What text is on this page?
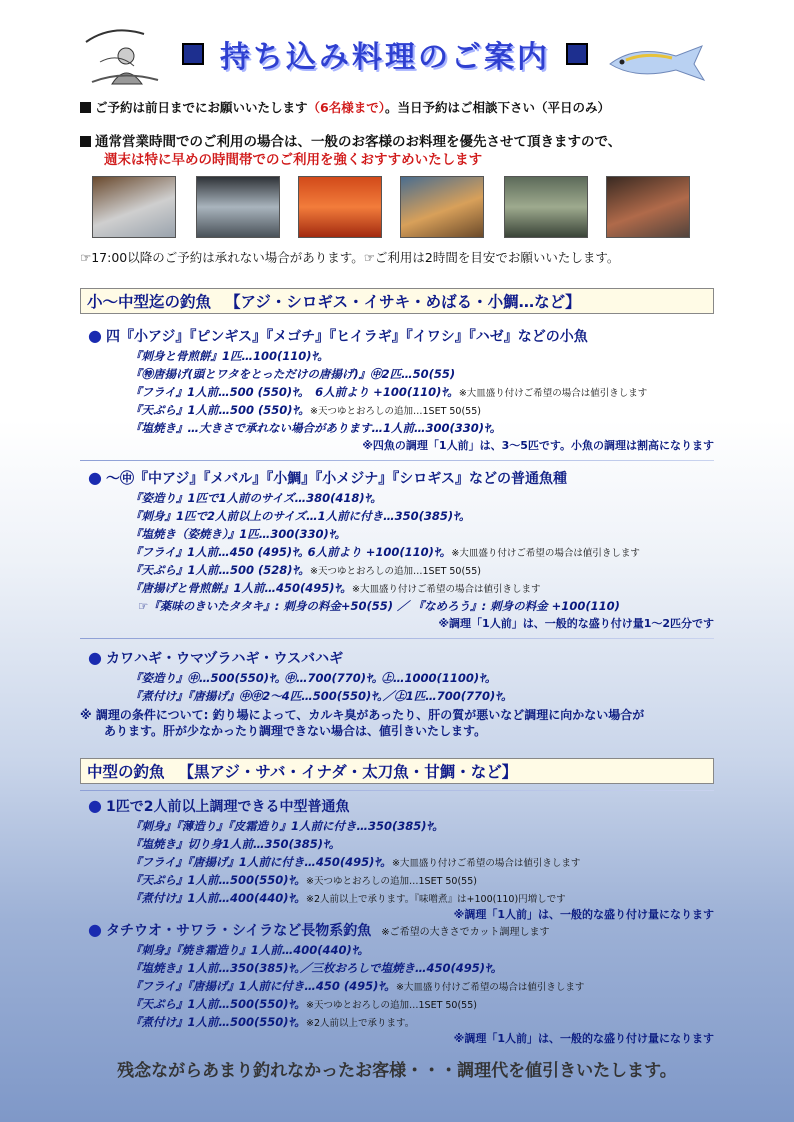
持ち込み料理のご案内
ご予約は前日までにお願いいたします（6名様まで）。当日予約はご相談下さい（平日のみ）
通常営業時間でのご利用の場合は、一般のお客様のお料理を優先させて頂きますので、
週末は特に早めの時間帯でのご利用を強くおすすめいたします
☞17:00以降のご予約は承れない場合があります。☞ご利用は2時間を目安でお願いいたします。
小～中型迄の釣魚 【アジ・シロギス・イサキ・めばる・小鯛…など】
● 四『小アジ』『ピンギス』『メゴチ』『ヒイラギ』『イワシ』『ハゼ』などの小魚
『刺身と骨煎餅』1匹…100(110)ﾔ｡
『㊕唐揚げ(頭とワタをとっただけの唐揚げ)』㊥2匹…50(55)
『フライ』1人前…500 (550)ﾔ｡　6人前より +100(110)ﾔ｡ ※大皿盛り付けご希望の場合は値引きします
『天ぷら』1人前…500 (550)ﾔ｡ ※天つゆとおろしの追加…1SET 50(55)
『塩焼き』…大きさで承れない場合があります…1人前…300(330)ﾔ｡
※四魚の調理「1人前」は、3～5匹です。小魚の調理は割高になります
● ～㊥『中アジ』『メバル』『小鯛』『小メジナ』『シロギス』などの普通魚種
『姿造り』1匹で1人前のサイズ…380(418)ﾔ｡
『刺身』1匹で2人前以上のサイズ…1人前に付き…350(385)ﾔ｡
『塩焼き（姿焼き）』1匹…300(330)ﾔ｡
『フライ』1人前…450 (495)ﾔ｡ 6人前より +100(110)ﾔ｡ ※大皿盛り付けご希望の場合は値引きします
『天ぷら』1人前…500 (528)ﾔ｡ ※天つゆとおろしの追加…1SET 50(55)
『唐揚げと骨煎餅』1人前…450(495)ﾔ｡ ※大皿盛り付けご希望の場合は値引きします
☞『薬味のきいたタタキ』: 刺身の料金+50(55) ／ 『なめろう』: 刺身の料金 +100(110)
※調理「1人前」は、一般的な盛り付け量1～2匹分です
● カワハギ・ウマヅラハギ・ウスバハギ
『姿造り』㊥…500(550)ﾔ｡ ㊥…700(770)ﾔ｡ ㊤…1000(1100)ﾔ｡
『煮付け』『唐揚げ』㊥㊥2～4匹…500(550)ﾔ｡／㊤1匹…700(770)ﾔ｡
※ 調理の条件について: 釣り場によって、カルキ臭があったり、肝の質が悪いなど調理に向かない場合が
あります。肝が少なかったり調理できない場合は、値引きいたします。
中型の釣魚 【黒アジ・サバ・イナダ・太刀魚・甘鯛・など】
● 1匹で2人前以上調理できる中型普通魚
『刺身』『薄造り』『皮霜造り』1人前に付き…350(385)ﾔ｡
『塩焼き』切り身1人前…350(385)ﾔ｡
『フライ』『唐揚げ』1人前に付き…450(495)ﾔ｡ ※大皿盛り付けご希望の場合は値引きします
『天ぷら』1人前…500(550)ﾔ｡ ※天つゆとおろしの追加…1SET 50(55)
『煮付け』1人前…400(440)ﾔ｡ ※2人前以上で承ります。『味噌煮』は+100(110)円増しです
※調理「1人前」は、一般的な盛り付け量になります
● タチウオ・サワラ・シイラなど長物系釣魚 ※ご希望の大きさでカット調理します
『刺身』『焼き霜造り』1人前…400(440)ﾔ｡
『塩焼き』1人前…350(385)ﾔ｡／三枚おろしで塩焼き…450(495)ﾔ｡
『フライ』『唐揚げ』1人前に付き…450 (495)ﾔ｡ ※大皿盛り付けご希望の場合は値引きします
『天ぷら』1人前…500(550)ﾔ｡ ※天つゆとおろしの追加…1SET 50(55)
『煮付け』1人前…500(550)ﾔ｡ ※2人前以上で承ります。
※調理「1人前」は、一般的な盛り付け量になります
残念ながらあまり釣れなかったお客様・・・調理代を値引きいたします。
